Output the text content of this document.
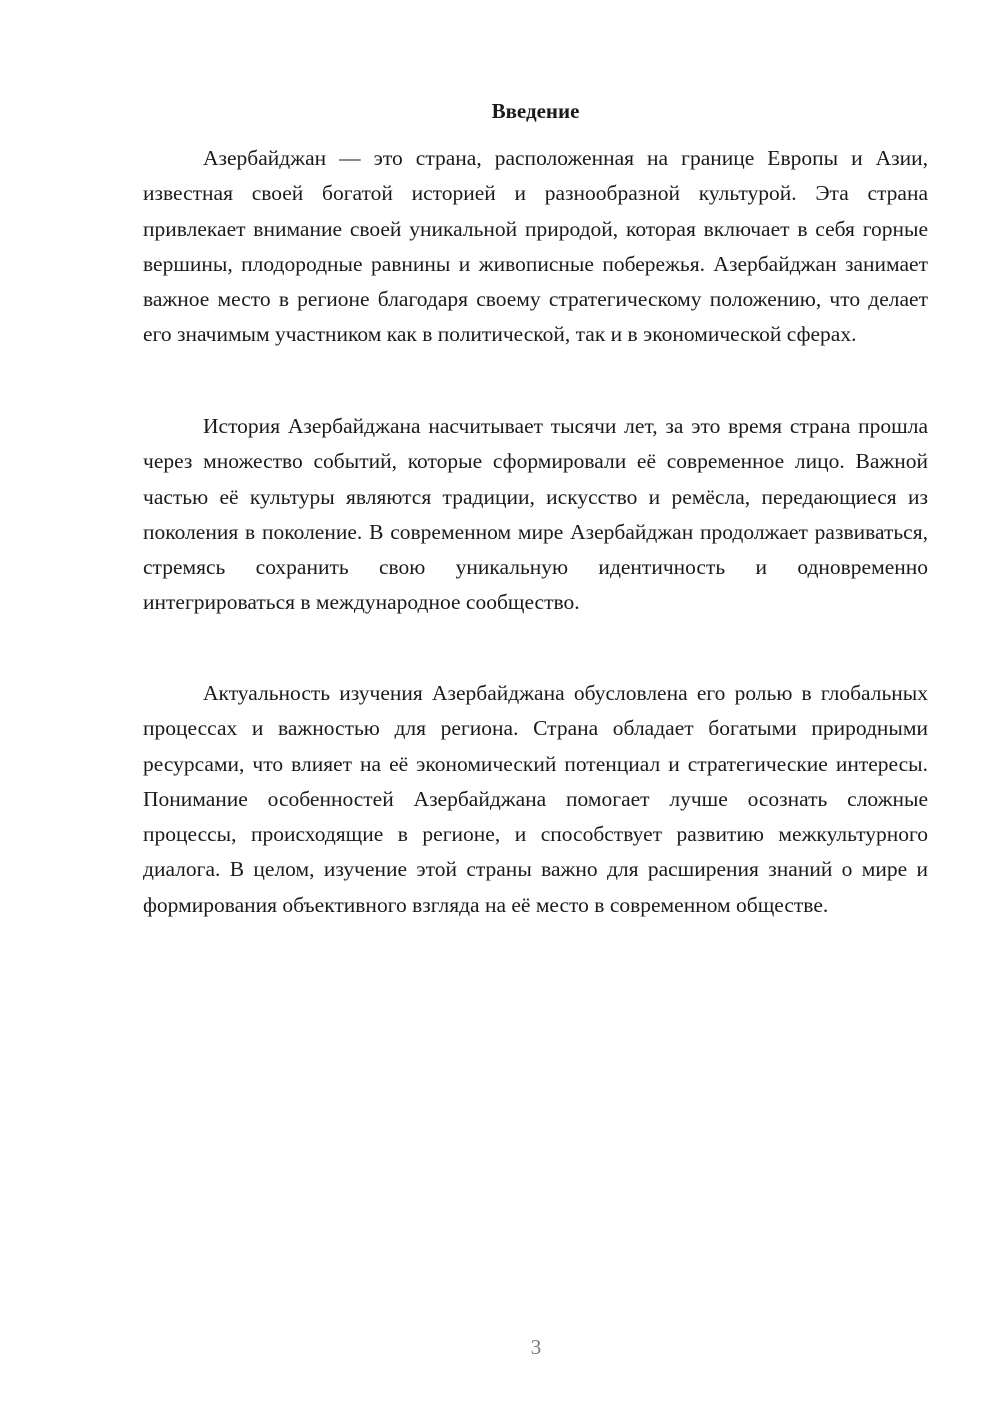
Введение

Азербайджан — это страна, расположенная на границе Европы и Азии, известная своей богатой историей и разнообразной культурой. Эта страна привлекает внимание своей уникальной природой, которая включает в себя горные вершины, плодородные равнины и живописные побережья. Азербайджан занимает важное место в регионе благодаря своему стратегическому положению, что делает его значимым участником как в политической, так и в экономической сферах.

История Азербайджана насчитывает тысячи лет, за это время страна прошла через множество событий, которые сформировали её современное лицо. Важной частью её культуры являются традиции, искусство и ремёсла, передающиеся из поколения в поколение. В современном мире Азербайджан продолжает развиваться, стремясь сохранить свою уникальную идентичность и одновременно интегрироваться в международное сообщество.

Актуальность изучения Азербайджана обусловлена его ролью в глобальных процессах и важностью для региона. Страна обладает богатыми природными ресурсами, что влияет на её экономический потенциал и стратегические интересы. Понимание особенностей Азербайджана помогает лучше осознать сложные процессы, происходящие в регионе, и способствует развитию межкультурного диалога. В целом, изучение этой страны важно для расширения знаний о мире и формирования объективного взгляда на её место в современном обществе.

3
